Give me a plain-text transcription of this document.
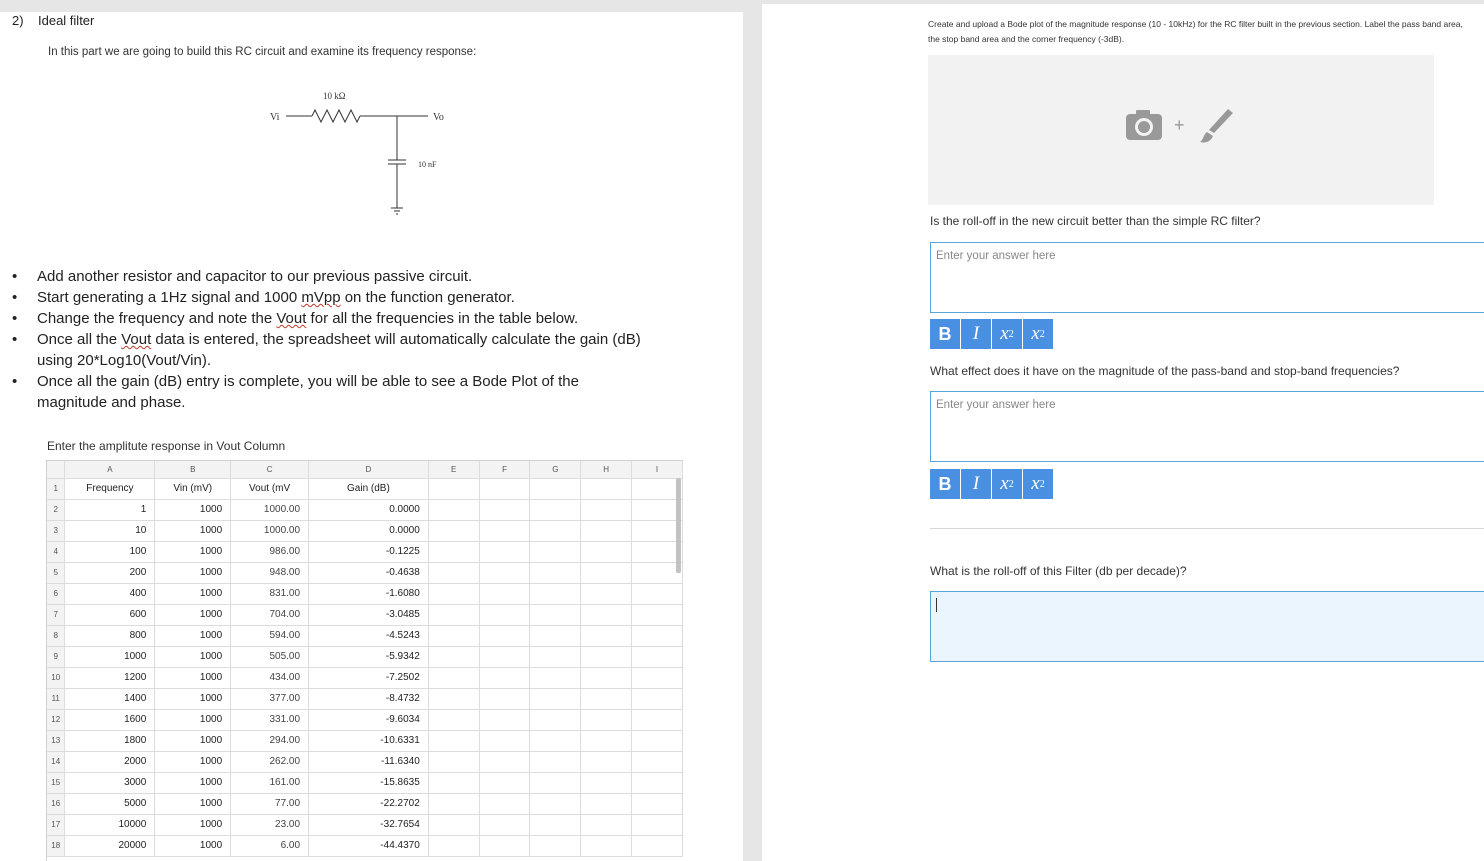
2) Ideal filter
In this part we are going to build this RC circuit and examine its frequency response:
10 kΩ
Vi	Vo
10 nF
• Add another resistor and capacitor to our previous passive circuit.
• Start generating a 1Hz signal and 1000 mVpp on the function generator.
• Change the frequency and note the Vout for all the frequencies in the table below.
• Once all the Vout data is entered, the spreadsheet will automatically calculate the gain (dB) using 20*Log10(Vout/Vin).
• Once all the gain (dB) entry is complete, you will be able to see a Bode Plot of the magnitude and phase.
Enter the amplitute response in Vout Column
	A	B	C	D	E	F	G	H	I
1	Frequency	Vin (mV)	Vout (mV	Gain (dB)					
2	1	1000	1000.00	0.0000					
3	10	1000	1000.00	0.0000					
4	100	1000	986.00	-0.1225					
5	200	1000	948.00	-0.4638					
6	400	1000	831.00	-1.6080					
7	600	1000	704.00	-3.0485					
8	800	1000	594.00	-4.5243					
9	1000	1000	505.00	-5.9342					
10	1200	1000	434.00	-7.2502					
11	1400	1000	377.00	-8.4732					
12	1600	1000	331.00	-9.6034					
13	1800	1000	294.00	-10.6331					
14	2000	1000	262.00	-11.6340					
15	3000	1000	161.00	-15.8635					
16	5000	1000	77.00	-22.2702					
17	10000	1000	23.00	-32.7654					
18	20000	1000	6.00	-44.4370					
Create and upload a Bode plot of the magnitude response (10 - 10kHz) for the RC filter built in the previous section. Label the pass band area, the stop band area and the corner frequency (-3dB).
+
Is the roll-off in the new circuit better than the simple RC filter?
Enter your answer here
B	I	x 2 x 2
What effect does it have on the magnitude of the pass-band and stop-band frequencies?
Enter your answer here
B	I	x 2 x 2
What is the roll-off of this Filter (db per decade)?
